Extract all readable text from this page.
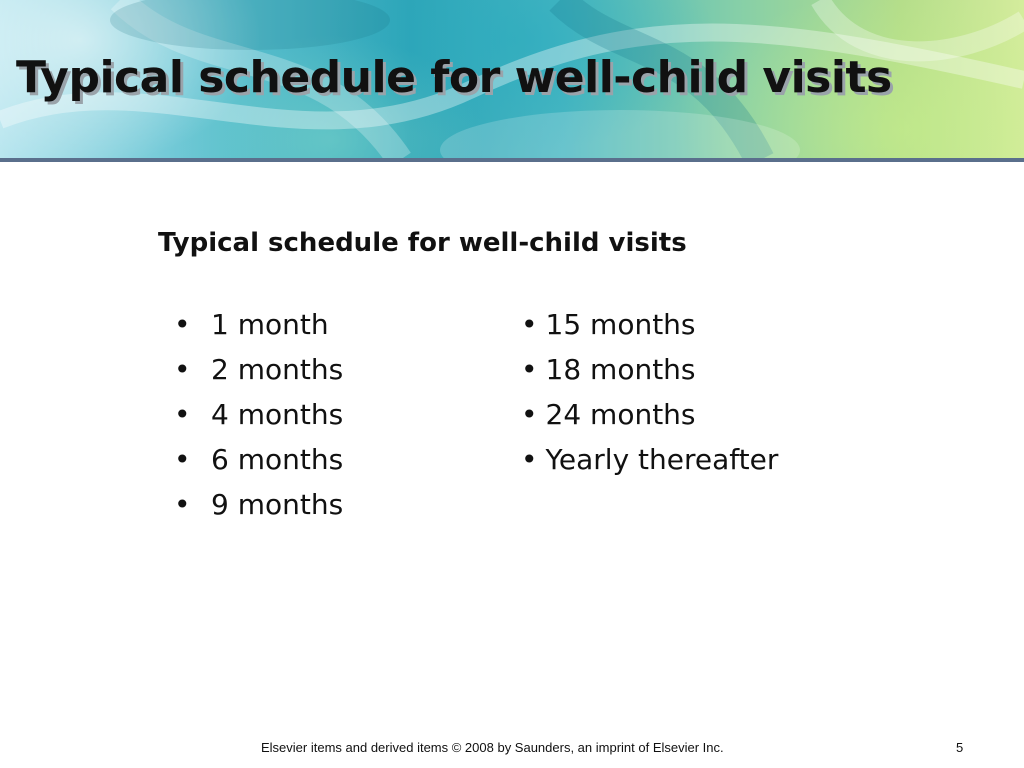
Typical schedule for well-child visits
Typical schedule for well-child visits
• 1 month
• 2 months
• 4 months
• 6 months
• 9 months
• 15 months
• 18 months
• 24 months
• Yearly thereafter
Elsevier items and derived items © 2008 by Saunders, an imprint of Elsevier Inc.	5
